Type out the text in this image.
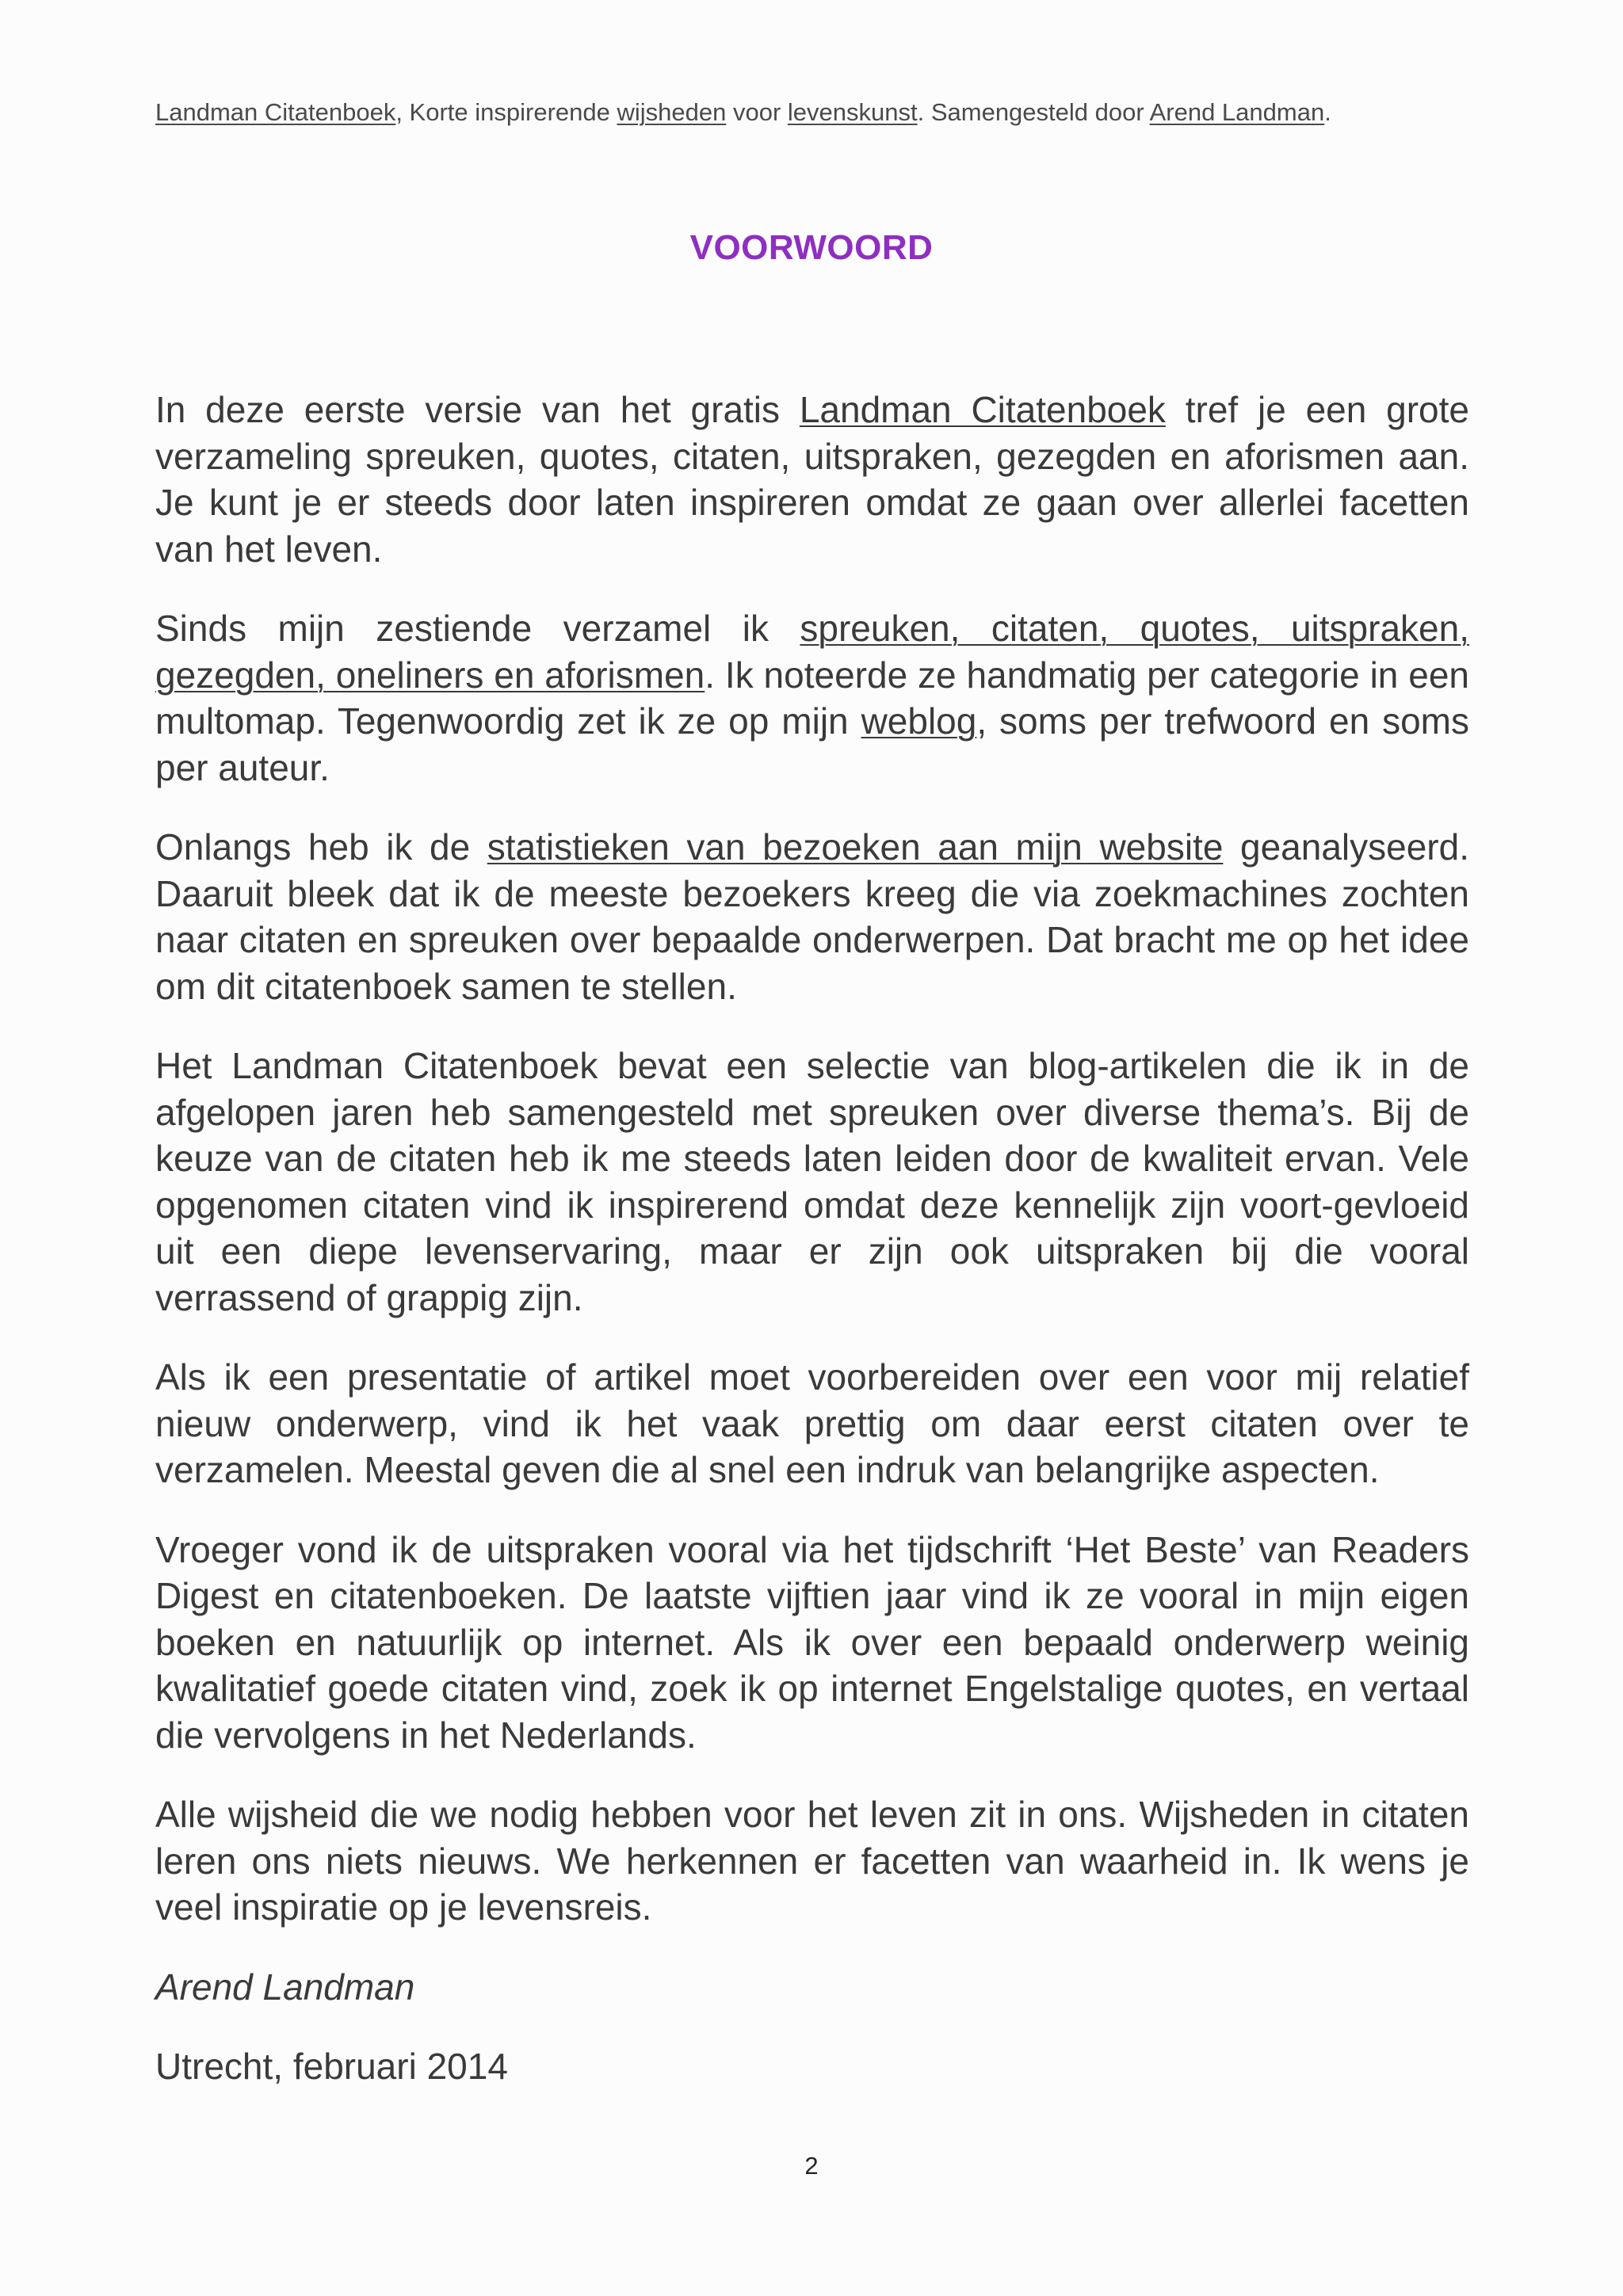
Landman Citatenboek, Korte inspirerende wijsheden voor levenskunst. Samengesteld door Arend Landman.
VOORWOORD

In deze eerste versie van het gratis Landman Citatenboek tref je een grote verzameling spreuken, quotes, citaten, uitspraken, gezegden en aforismen aan. Je kunt je er steeds door laten inspireren omdat ze gaan over allerlei facetten van het leven.

Sinds mijn zestiende verzamel ik spreuken, citaten, quotes, uitspraken, gezegden, oneliners en aforismen. Ik noteerde ze handmatig per categorie in een multomap. Tegenwoordig zet ik ze op mijn weblog, soms per trefwoord en soms per auteur.

Onlangs heb ik de statistieken van bezoeken aan mijn website geanalyseerd. Daaruit bleek dat ik de meeste bezoekers kreeg die via zoekmachines zochten naar citaten en spreuken over bepaalde onderwerpen. Dat bracht me op het idee om dit citatenboek samen te stellen.

Het Landman Citatenboek bevat een selectie van blog-artikelen die ik in de afgelopen jaren heb samengesteld met spreuken over diverse thema’s. Bij de keuze van de citaten heb ik me steeds laten leiden door de kwaliteit ervan. Vele opgenomen citaten vind ik inspirerend omdat deze kennelijk zijn voort-gevloeid uit een diepe levenservaring, maar er zijn ook uitspraken bij die vooral verrassend of grappig zijn.

Als ik een presentatie of artikel moet voorbereiden over een voor mij relatief nieuw onderwerp, vind ik het vaak prettig om daar eerst citaten over te verzamelen. Meestal geven die al snel een indruk van belangrijke aspecten.

Vroeger vond ik de uitspraken vooral via het tijdschrift ‘Het Beste’ van Readers Digest en citatenboeken. De laatste vijftien jaar vind ik ze vooral in mijn eigen boeken en natuurlijk op internet. Als ik over een bepaald onderwerp weinig kwalitatief goede citaten vind, zoek ik op internet Engelstalige quotes, en vertaal die vervolgens in het Nederlands.

Alle wijsheid die we nodig hebben voor het leven zit in ons. Wijsheden in citaten leren ons niets nieuws. We herkennen er facetten van waarheid in. Ik wens je veel inspiratie op je levensreis.

Arend Landman

Utrecht, februari 2014

2
